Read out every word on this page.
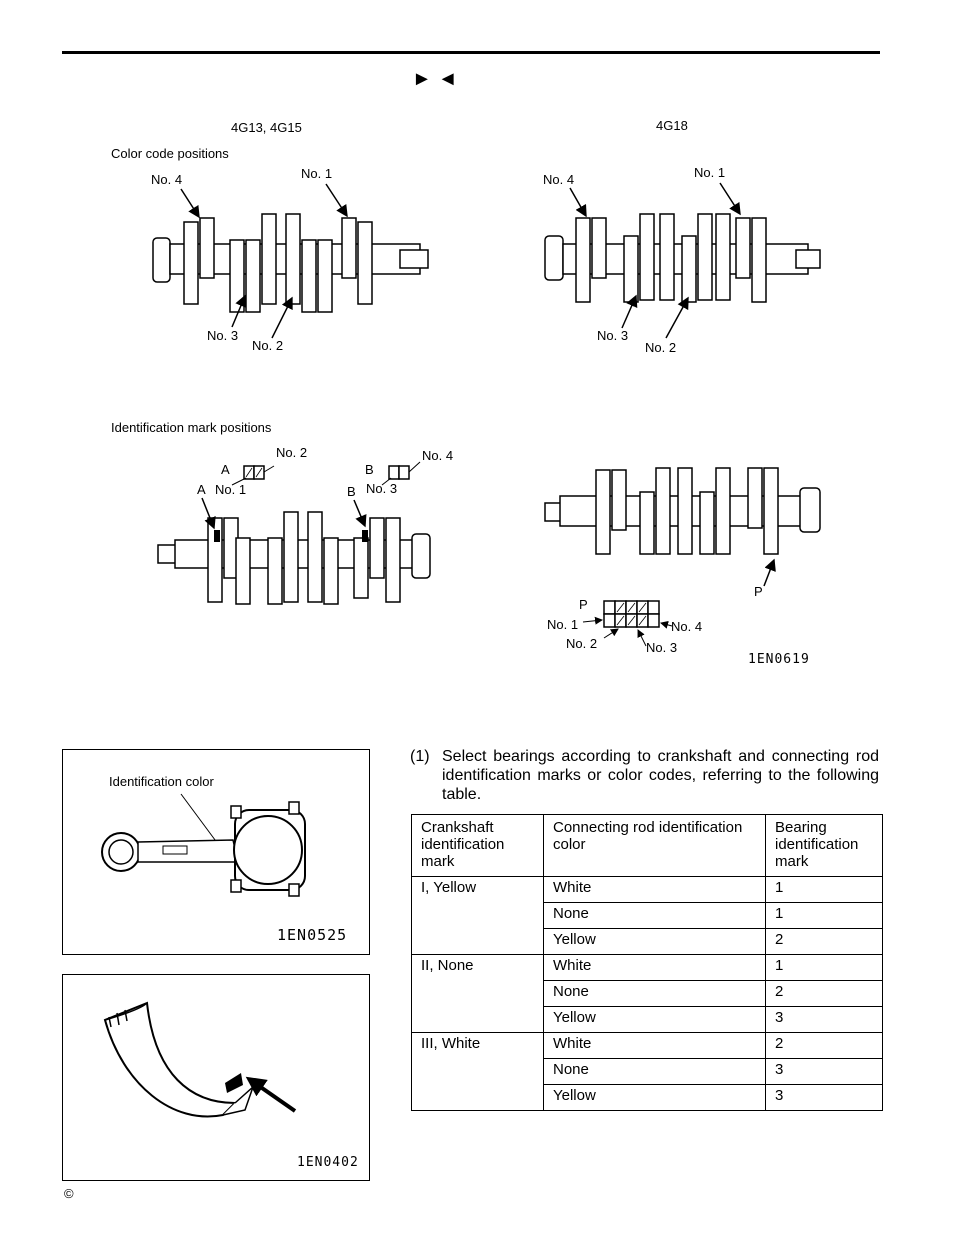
►◄
4G13, 4G15	4G18
Color code positions
Identification mark positions
No. 4	No. 1
No. 3
No. 2
No. 4	No. 1
No. 3
No. 2
No. 2
A
A No. 1
B
No. 4
B No. 3
P
P
No. 1
No. 2	No. 3
No. 4
1EN0619
Identification color
1EN0525
1EN0402
(1) Select bearings according to crankshaft and connecting rod identification marks or color codes, referring to the following table.
Crankshaft identification mark	Connecting rod identification color	Bearing identification mark
I, Yellow	White	1
	None	1
	Yellow	2
II, None	White	1
	None	2
	Yellow	3
III, White	White	2
	None	3
	Yellow	3
©
